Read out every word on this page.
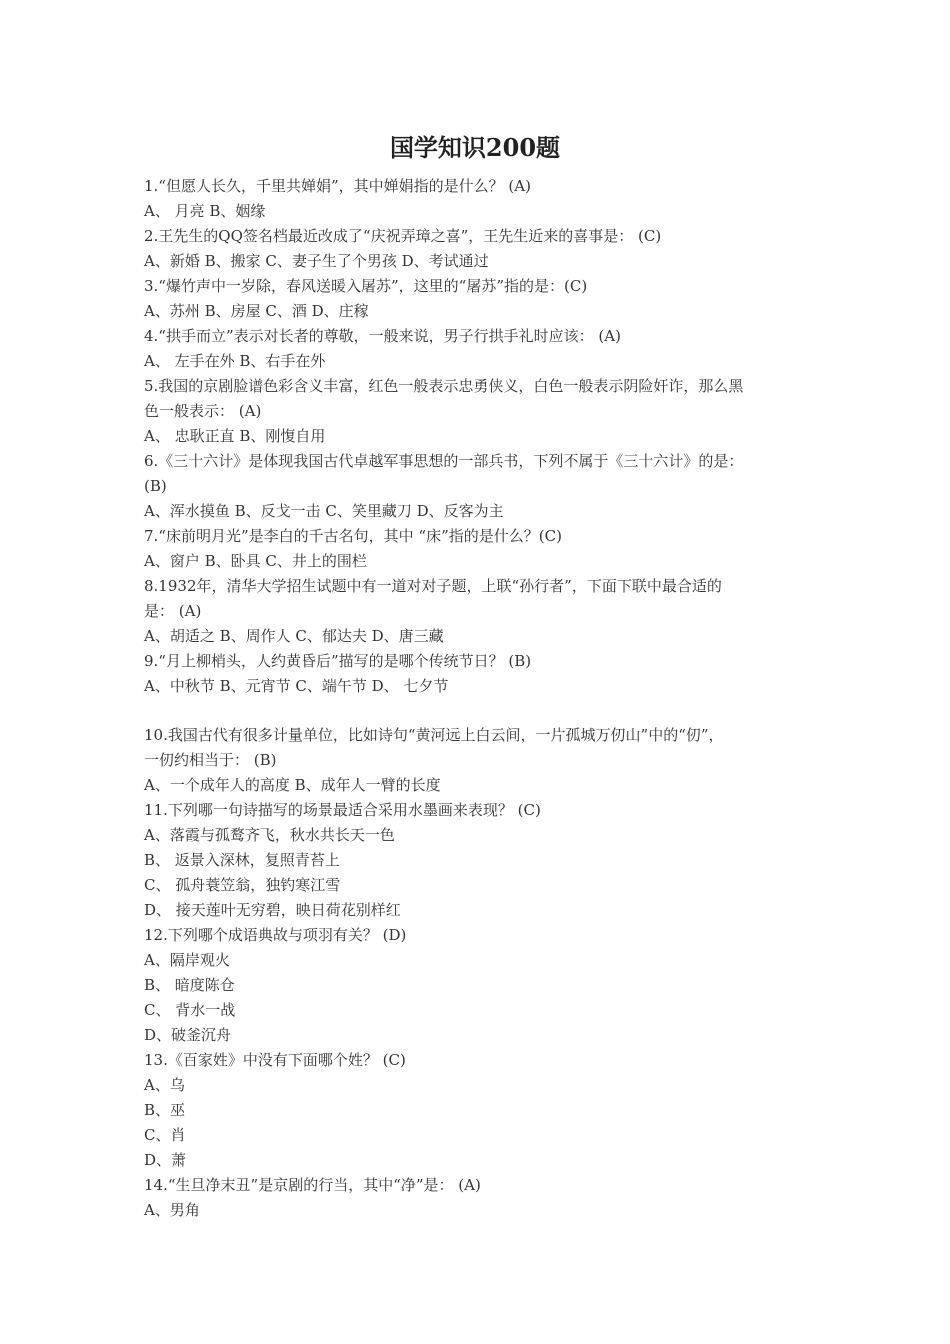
国学知识200题
1.“但愿人长久，千里共婵娟”，其中婵娟指的是什么？ (A)
A、 月亮 B、姻缘
2.王先生的QQ签名档最近改成了“庆祝弄璋之喜”，王先生近来的喜事是： (C)
A、新婚 B、搬家 C、妻子生了个男孩 D、考试通过
3.“爆竹声中一岁除，春风送暖入屠苏”，这里的“屠苏”指的是：(C)
A、苏州 B、房屋 C、酒 D、庄稼
4.“拱手而立”表示对长者的尊敬，一般来说，男子行拱手礼时应该： (A)
A、 左手在外 B、右手在外
5.我国的京剧脸谱色彩含义丰富，红色一般表示忠勇侠义，白色一般表示阴险奸诈，那么黑
色一般表示： (A)
A、 忠耿正直 B、刚愎自用
6.《三十六计》是体现我国古代卓越军事思想的一部兵书，下列不属于《三十六计》的是：
(B)
A、浑水摸鱼 B、反戈一击 C、笑里藏刀 D、反客为主
7.“床前明月光”是李白的千古名句，其中 “床”指的是什么？(C)
A、窗户 B、卧具 C、井上的围栏
8.1932年，清华大学招生试题中有一道对对子题，上联“孙行者”，下面下联中最合适的
是： (A)
A、胡适之 B、周作人 C、郁达夫 D、唐三藏
9.“月上柳梢头，人约黄昏后”描写的是哪个传统节日？ (B)
A、中秋节 B、元宵节 C、端午节 D、 七夕节
10.我国古代有很多计量单位，比如诗句“黄河远上白云间，一片孤城万仞山”中的“仞”，
一仞约相当于： (B)
A、一个成年人的高度 B、成年人一臂的长度
11.下列哪一句诗描写的场景最适合采用水墨画来表现？ (C)
A、落霞与孤鹜齐飞，秋水共长天一色
B、 返景入深林，复照青苔上
C、 孤舟蓑笠翁，独钓寒江雪
D、 接天莲叶无穷碧，映日荷花别样红
12.下列哪个成语典故与项羽有关？ (D)
A、隔岸观火
B、 暗度陈仓
C、 背水一战
D、破釜沉舟
13.《百家姓》中没有下面哪个姓？ (C)
A、乌
B、巫
C、肖
D、萧
14.“生旦净末丑”是京剧的行当，其中“净”是： (A)
A、男角
